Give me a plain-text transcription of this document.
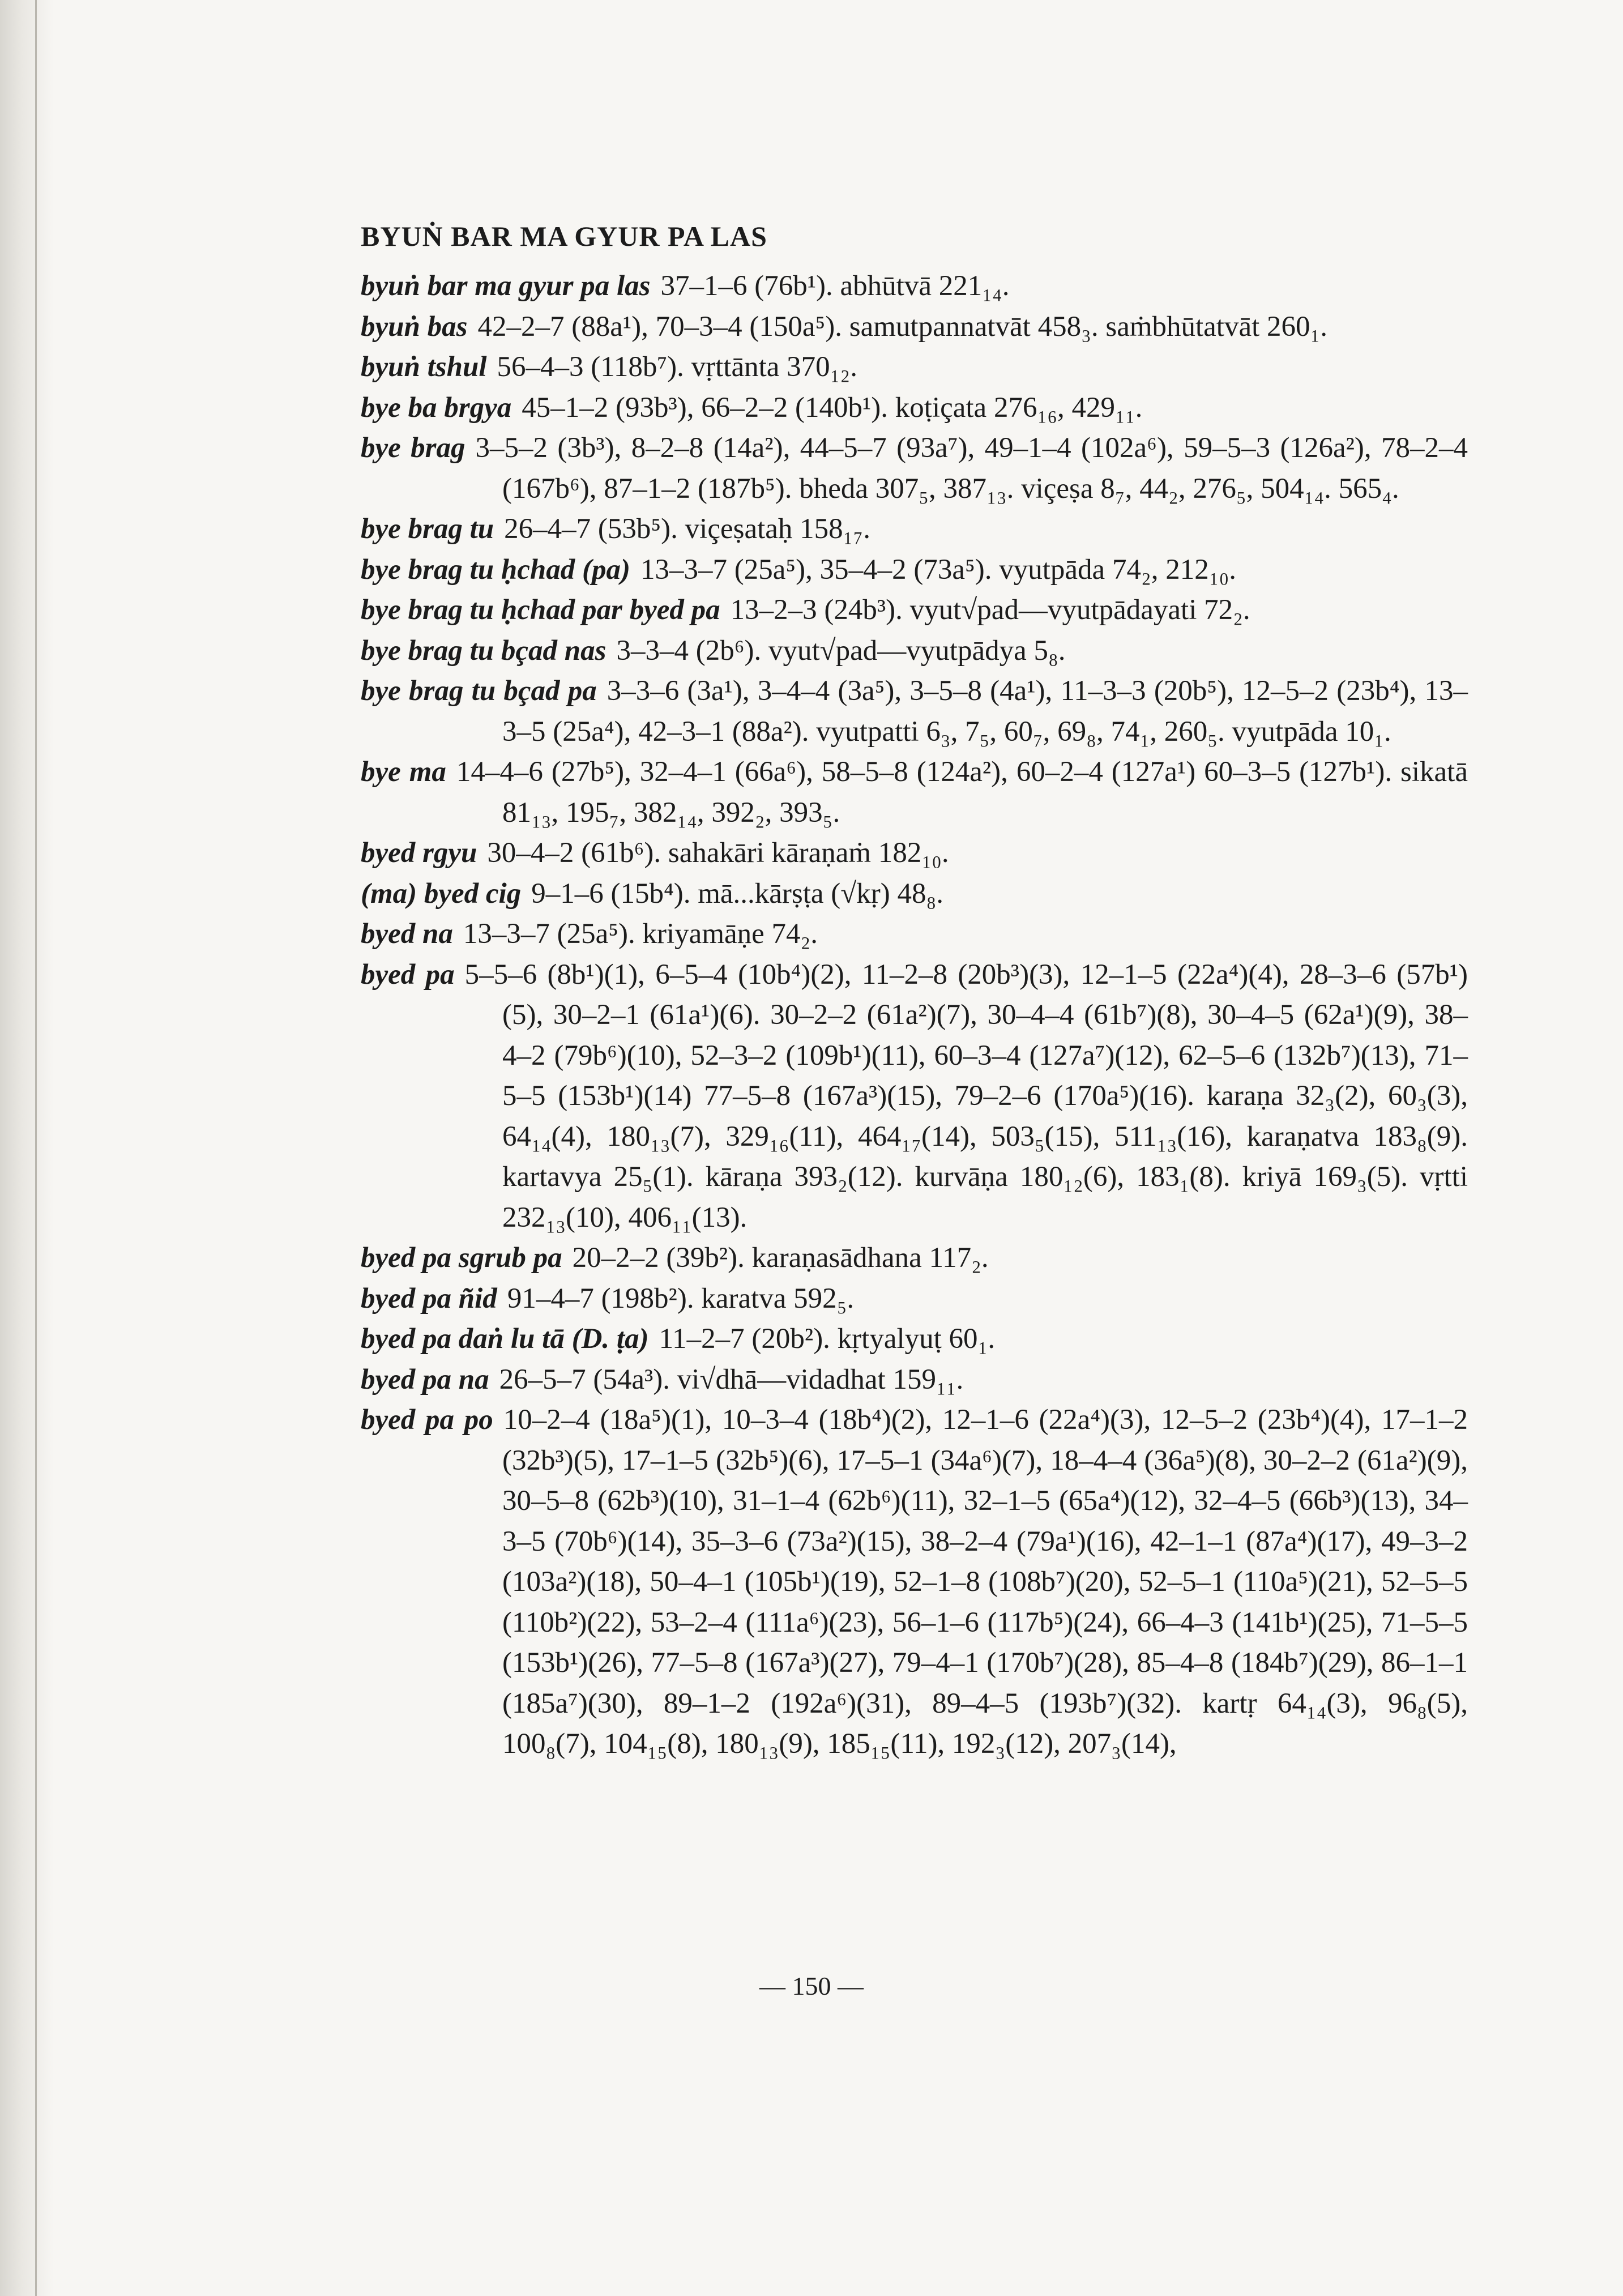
BYUṄ BAR MA GYUR PA LAS

byuṅ bar ma gyur pa las 37–1–6 (76b¹). abhūtvā 221₁₄.

byuṅ bas 42–2–7 (88a¹), 70–3–4 (150a⁵). samutpannatvāt 458₃. saṁbhūtatvāt 260₁.

byuṅ tshul 56–4–3 (118b⁷). vṛttānta 370₁₂.

bye ba brgya 45–1–2 (93b³), 66–2–2 (140b¹). koṭiçata 276₁₆, 429₁₁.

bye brag 3–5–2 (3b³), 8–2–8 (14a²), 44–5–7 (93a⁷), 49–1–4 (102a⁶), 59–5–3 (126a²), 78–2–4 (167b⁶), 87–1–2 (187b⁵). bheda 307₅, 387₁₃. viçeṣa 8₇, 44₂, 276₅, 504₁₄. 565₄.

bye brag tu 26–4–7 (53b⁵). viçeṣataḥ 158₁₇.

bye brag tu ḥchad (pa) 13–3–7 (25a⁵), 35–4–2 (73a⁵). vyutpāda 74₂, 212₁₀.

bye brag tu ḥchad par byed pa 13–2–3 (24b³). vyut√pad—vyutpādayati 72₂.

bye brag tu bçad nas 3–3–4 (2b⁶). vyut√pad—vyutpādya 5₈.

bye brag tu bçad pa 3–3–6 (3a¹), 3–4–4 (3a⁵), 3–5–8 (4a¹), 11–3–3 (20b⁵), 12–5–2 (23b⁴), 13–3–5 (25a⁴), 42–3–1 (88a²). vyutpatti 6₃, 7₅, 60₇, 69₈, 74₁, 260₅. vyutpāda 10₁.

bye ma 14–4–6 (27b⁵), 32–4–1 (66a⁶), 58–5–8 (124a²), 60–2–4 (127a¹) 60–3–5 (127b¹). sikatā 81₁₃, 195₇, 382₁₄, 392₂, 393₅.

byed rgyu 30–4–2 (61b⁶). sahakāri kāraṇaṁ 182₁₀.

(ma) byed cig 9–1–6 (15b⁴). mā...kārṣṭa (√kṛ) 48₈.

byed na 13–3–7 (25a⁵). kriyamāṇe 74₂.

byed pa 5–5–6 (8b¹)(1), 6–5–4 (10b⁴)(2), 11–2–8 (20b³)(3), 12–1–5 (22a⁴)(4), 28–3–6 (57b¹)(5), 30–2–1 (61a¹)(6). 30–2–2 (61a²)(7), 30–4–4 (61b⁷)(8), 30–4–5 (62a¹)(9), 38–4–2 (79b⁶)(10), 52–3–2 (109b¹)(11), 60–3–4 (127a⁷)(12), 62–5–6 (132b⁷)(13), 71–5–5 (153b¹)(14) 77–5–8 (167a³)(15), 79–2–6 (170a⁵)(16). karaṇa 32₃(2), 60₃(3), 64₁₄(4), 180₁₃(7), 329₁₆(11), 464₁₇(14), 503₅(15), 511₁₃(16), karaṇatva 183₈(9). kartavya 25₅(1). kāraṇa 393₂(12). kurvāṇa 180₁₂(6), 183₁(8). kriyā 169₃(5). vṛtti 232₁₃(10), 406₁₁(13).

byed pa sgrub pa 20–2–2 (39b²). karaṇasādhana 117₂.

byed pa ñid 91–4–7 (198b²). karatva 592₅.

byed pa daṅ lu tā (D. ṭa) 11–2–7 (20b²). kṛtyalyuṭ 60₁.

byed pa na 26–5–7 (54a³). vi√dhā—vidadhat 159₁₁.

byed pa po 10–2–4 (18a⁵)(1), 10–3–4 (18b⁴)(2), 12–1–6 (22a⁴)(3), 12–5–2 (23b⁴)(4), 17–1–2 (32b³)(5), 17–1–5 (32b⁵)(6), 17–5–1 (34a⁶)(7), 18–4–4 (36a⁵)(8), 30–2–2 (61a²)(9), 30–5–8 (62b³)(10), 31–1–4 (62b⁶)(11), 32–1–5 (65a⁴)(12), 32–4–5 (66b³)(13), 34–3–5 (70b⁶)(14), 35–3–6 (73a²)(15), 38–2–4 (79a¹)(16), 42–1–1 (87a⁴)(17), 49–3–2 (103a²)(18), 50–4–1 (105b¹)(19), 52–1–8 (108b⁷)(20), 52–5–1 (110a⁵)(21), 52–5–5 (110b²)(22), 53–2–4 (111a⁶)(23), 56–1–6 (117b⁵)(24), 66–4–3 (141b¹)(25), 71–5–5 (153b¹)(26), 77–5–8 (167a³)(27), 79–4–1 (170b⁷)(28), 85–4–8 (184b⁷)(29), 86–1–1 (185a⁷)(30), 89–1–2 (192a⁶)(31), 89–4–5 (193b⁷)(32). kartṛ 64₁₄(3), 96₈(5), 100₈(7), 104₁₅(8), 180₁₃(9), 185₁₅(11), 192₃(12), 207₃(14),

— 150 —
